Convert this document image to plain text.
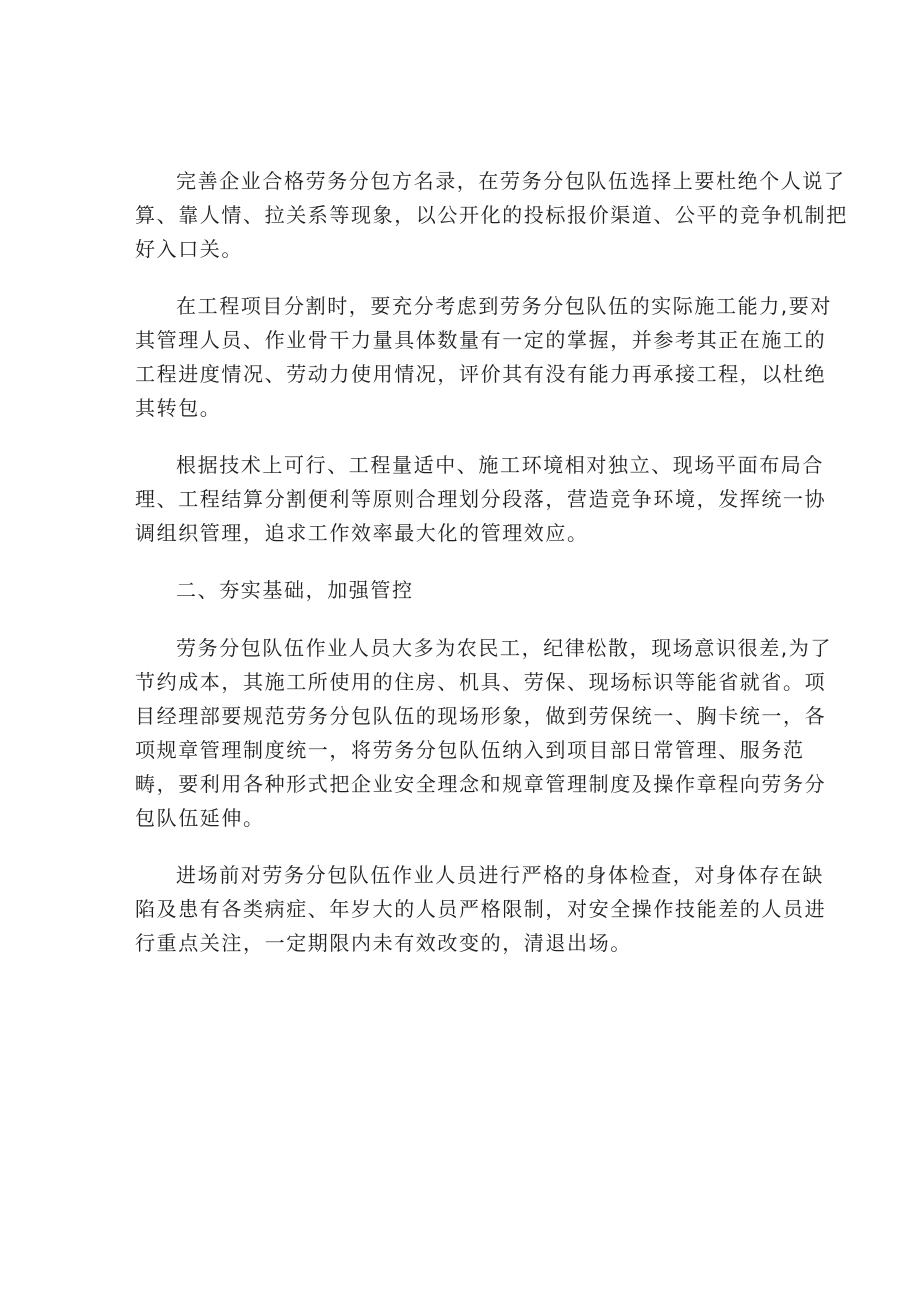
完善企业合格劳务分包方名录，在劳务分包队伍选择上要杜绝个人说了
算、靠人情、拉关系等现象，以公开化的投标报价渠道、公平的竞争机制把
好入口关。
在工程项目分割时，要充分考虑到劳务分包队伍的实际施工能力,要对
其管理人员、作业骨干力量具体数量有一定的掌握，并参考其正在施工的
工程进度情况、劳动力使用情况，评价其有没有能力再承接工程，以杜绝
其转包。
根据技术上可行、工程量适中、施工环境相对独立、现场平面布局合
理、工程结算分割便利等原则合理划分段落，营造竞争环境，发挥统一协
调组织管理，追求工作效率最大化的管理效应。
二、夯实基础，加强管控
劳务分包队伍作业人员大多为农民工，纪律松散，现场意识很差,为了
节约成本，其施工所使用的住房、机具、劳保、现场标识等能省就省。项
目经理部要规范劳务分包队伍的现场形象，做到劳保统一、胸卡统一，各
项规章管理制度统一，将劳务分包队伍纳入到项目部日常管理、服务范
畴，要利用各种形式把企业安全理念和规章管理制度及操作章程向劳务分
包队伍延伸。
进场前对劳务分包队伍作业人员进行严格的身体检查，对身体存在缺
陷及患有各类病症、年岁大的人员严格限制，对安全操作技能差的人员进
行重点关注，一定期限内未有效改变的，清退出场。
